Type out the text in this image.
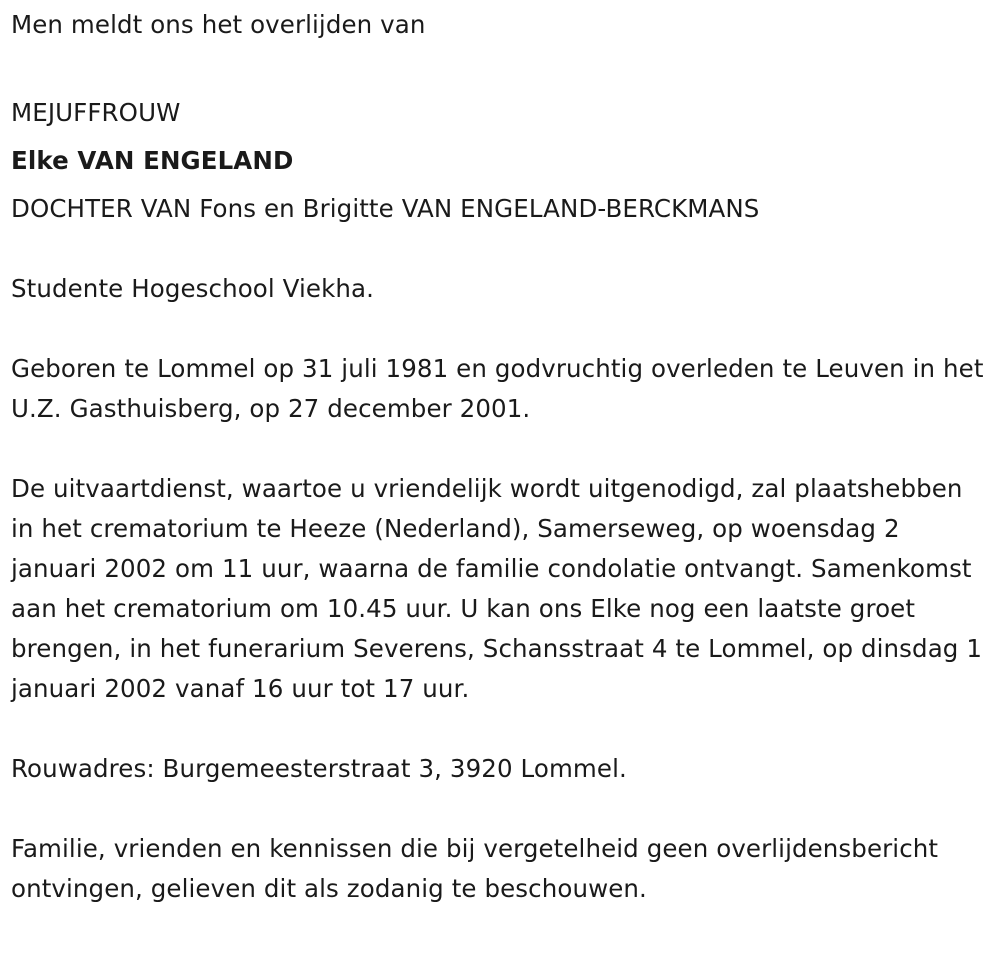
Men meldt ons het overlijden van

MEJUFFROUW

Elke VAN ENGELAND

DOCHTER VAN Fons en Brigitte VAN ENGELAND-BERCKMANS

Studente Hogeschool Viekha.

Geboren te Lommel op 31 juli 1981 en godvruchtig overleden te Leuven in het U.Z. Gasthuisberg, op 27 december 2001.

De uitvaartdienst, waartoe u vriendelijk wordt uitgenodigd, zal plaatshebben in het crematorium te Heeze (Nederland), Samerseweg, op woensdag 2 januari 2002 om 11 uur, waarna de familie condolatie ontvangt. Samenkomst aan het crematorium om 10.45 uur. U kan ons Elke nog een laatste groet brengen, in het funerarium Severens, Schansstraat 4 te Lommel, op dinsdag 1 januari 2002 vanaf 16 uur tot 17 uur.

Rouwadres: Burgemeesterstraat 3, 3920 Lommel.

Familie, vrienden en kennissen die bij vergetelheid geen overlijdensbericht ontvingen, gelieven dit als zodanig te beschouwen.
